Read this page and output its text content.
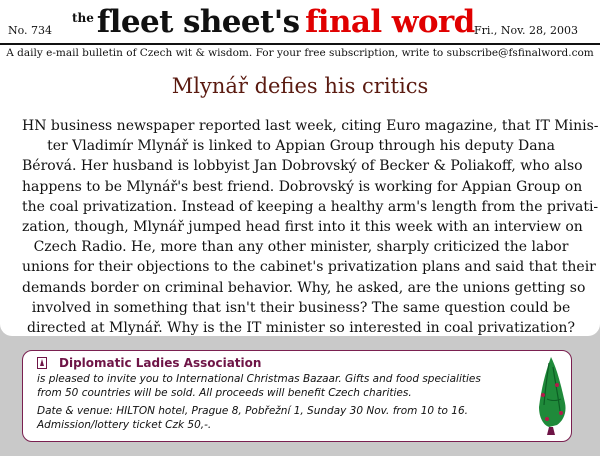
No. 734
$^{the}$fleet sheet's final word Fri., Nov. 28, 2003
A daily e-mail bulletin of Czech wit & wisdom. For your free subscription, write to subscribe@fsfinalword.com
Mlynář defies his critics
HN business newspaper reported last week, citing Euro magazine, that IT Minis-
ter Vladimír Mlynář is linked to Appian Group through his deputy Dana
Bérová. Her husband is lobbyist Jan Dobrovský of Becker & Poliakoff, who also
happens to be Mlynář's best friend. Dobrovský is working for Appian Group on
the coal privatization. Instead of keeping a healthy arm's length from the privati-
zation, though, Mlynář jumped head first into it this week with an interview on
Czech Radio. He, more than any other minister, sharply criticized the labor
unions for their objections to the cabinet's privatization plans and said that their
demands border on criminal behavior. Why, he asked, are the unions getting so
involved in something that isn't their business? The same question could be
directed at Mlynář. Why is the IT minister so interested in coal privatization?
Diplomatic Ladies Association
is pleased to invite you to International Christmas Bazaar. Gifts and food specialities
from 50 countries will be sold. All proceeds will benefit Czech charities.
Date & venue: HILTON hotel, Prague 8, Pobřežní 1, Sunday 30 Nov. from 10 to 16.
Admission/lottery ticket Czk 50,-.
